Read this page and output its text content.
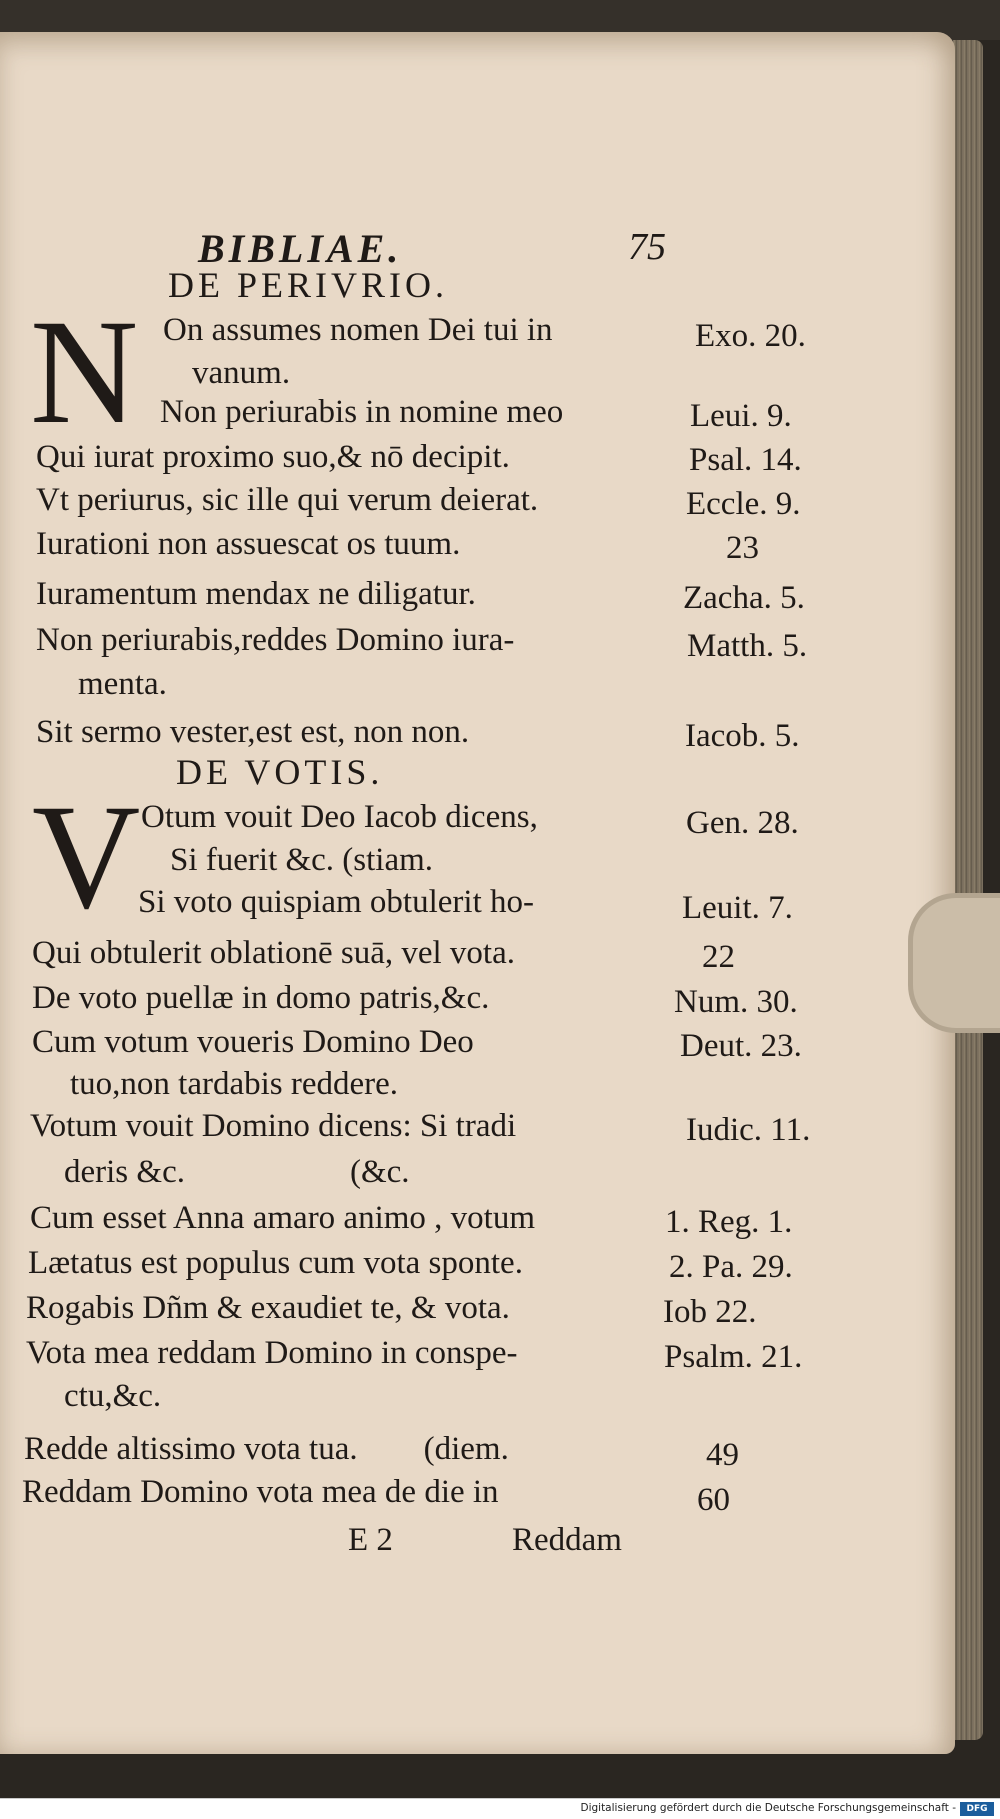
BIBLIAE.	75
DE PERIVRIO.
N On assumes nomen Dei tui in	Exo. 20.
vanum.
Non periurabis in nomine meo	Leui. 9.
Qui iurat proximo suo,& nō decipit.	Psal. 14.
Vt periurus, sic ille qui verum deierat.	Eccle. 9.
Iurationi non assuescat os tuum.	23
Iuramentum mendax ne diligatur.	Zacha. 5.
Non periurabis,reddes Domino iura-	Matth. 5.
menta.
Sit sermo vester,est est, non non.	Iacob. 5.
DE VOTIS.
V Otum vouit Deo Iacob dicens,	Gen. 28.
Si fuerit &c. (stiam.
Si voto quispiam obtulerit ho-	Leuit. 7.
Qui obtulerit oblationē suā, vel vota.	22
De voto puellæ in domo patris,&c.	Num. 30.
Cum votum voueris Domino Deo	Deut. 23.
tuo,non tardabis reddere.
Votum vouit Domino dicens: Si tradi	Iudic. 11.
deris &c.                    (&c.
Cum esset Anna amaro animo , votum	1. Reg. 1.
Lætatus est populus cum vota sponte.	2. Pa. 29.
Rogabis Dñm & exaudiet te, & vota.	Iob 22.
Vota mea reddam Domino in conspe-	Psalm. 21.
ctu,&c.
Redde altissimo vota tua.        (diem.	49
Reddam Domino vota mea de die in	60
E 2	Reddam
Digitalisierung gefördert durch die Deutsche Forschungsgemeinschaft -	DFG
